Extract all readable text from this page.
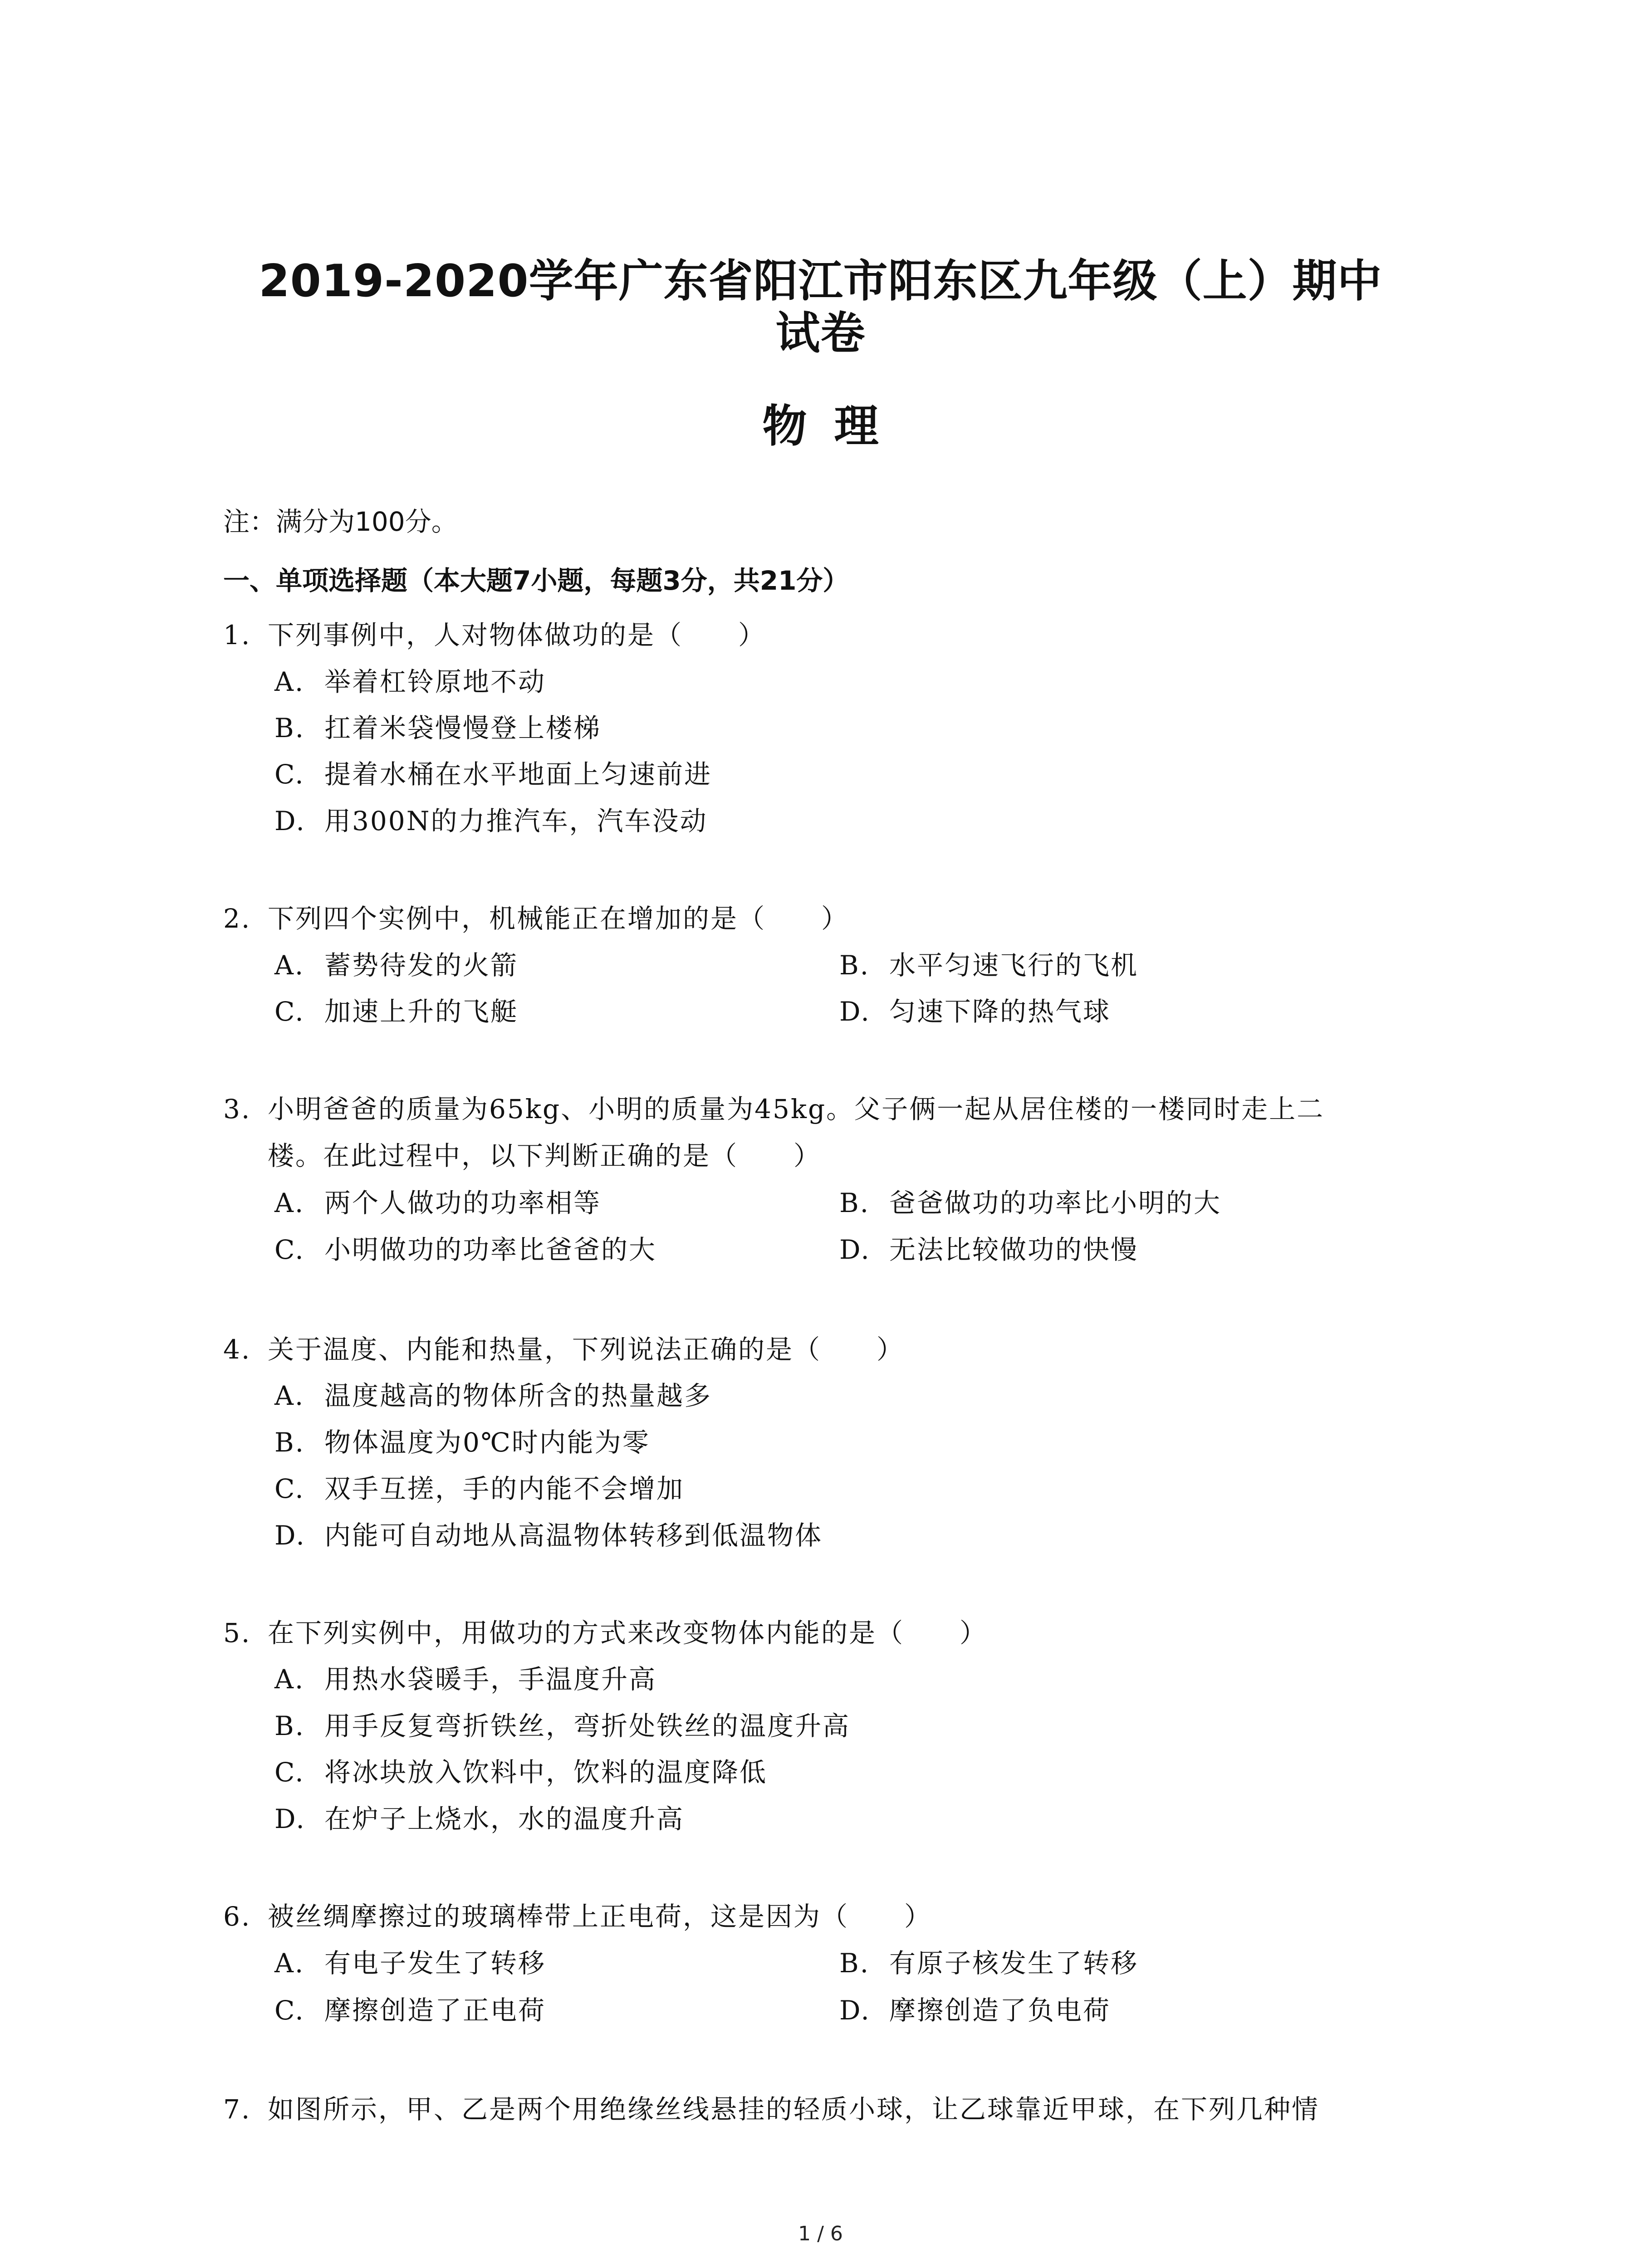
2019-2020学年广东省阳江市阳东区九年级（上）期中
试卷
物理
注：满分为100分。
一、单项选择题（本大题7小题，每题3分，共21分）
1. 下列事例中，人对物体做功的是（　　）
A. 举着杠铃原地不动
B. 扛着米袋慢慢登上楼梯
C. 提着水桶在水平地面上匀速前进
D. 用300N的力推汽车，汽车没动
2. 下列四个实例中，机械能正在增加的是（　　）
A. 蓄势待发的火箭	B. 水平匀速飞行的飞机
C. 加速上升的飞艇	D. 匀速下降的热气球
3. 小明爸爸的质量为65kg、小明的质量为45kg。父子俩一起从居住楼的一楼同时走上二
楼。在此过程中，以下判断正确的是（　　）
A. 两个人做功的功率相等	B. 爸爸做功的功率比小明的大
C. 小明做功的功率比爸爸的大	D. 无法比较做功的快慢
4. 关于温度、内能和热量，下列说法正确的是（　　）
A. 温度越高的物体所含的热量越多
B. 物体温度为0℃时内能为零
C. 双手互搓，手的内能不会增加
D. 内能可自动地从高温物体转移到低温物体
5. 在下列实例中，用做功的方式来改变物体内能的是（　　）
A. 用热水袋暖手，手温度升高
B. 用手反复弯折铁丝，弯折处铁丝的温度升高
C. 将冰块放入饮料中，饮料的温度降低
D. 在炉子上烧水，水的温度升高
6. 被丝绸摩擦过的玻璃棒带上正电荷，这是因为（　　）
A. 有电子发生了转移	B. 有原子核发生了转移
C. 摩擦创造了正电荷	D. 摩擦创造了负电荷
7. 如图所示，甲、乙是两个用绝缘丝线悬挂的轻质小球，让乙球靠近甲球，在下列几种情
1 / 6
